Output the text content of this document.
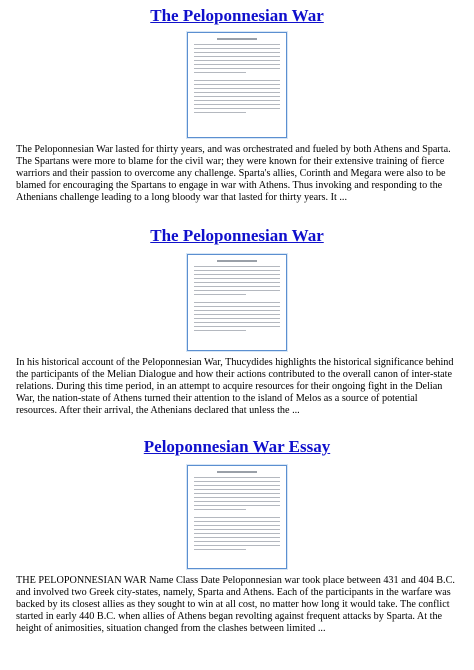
The Peloponnesian War

The Peloponnesian War lasted for thirty years, and was orchestrated and fueled by both Athens and Sparta. The Spartans were more to blame for the civil war; they were known for their extensive training of fierce warriors and their passion to overcome any challenge. Sparta's allies, Corinth and Megara were also to be blamed for encouraging the Spartans to engage in war with Athens. Thus invoking and responding to the Athenians challenge leading to a long bloody war that lasted for thirty years. It ...

The Peloponnesian War

In his historical account of the Peloponnesian War, Thucydides highlights the historical significance behind the participants of the Melian Dialogue and how their actions contributed to the overall canon of inter-state relations. During this time period, in an attempt to acquire resources for their ongoing fight in the Delian War, the nation-state of Athens turned their attention to the island of Melos as a source of potential resources. After their arrival, the Athenians declared that unless the ...

Peloponnesian War Essay

THE PELOPONNESIAN WAR Name Class Date Peloponnesian war took place between 431 and 404 B.C. and involved two Greek city-states, namely, Sparta and Athens. Each of the participants in the warfare was backed by its closest allies as they sought to win at all cost, no matter how long it would take. The conflict started in early 440 B.C. when allies of Athens began revolting against frequent attacks by Sparta. At the height of animosities, situation changed from the clashes between limited ...
